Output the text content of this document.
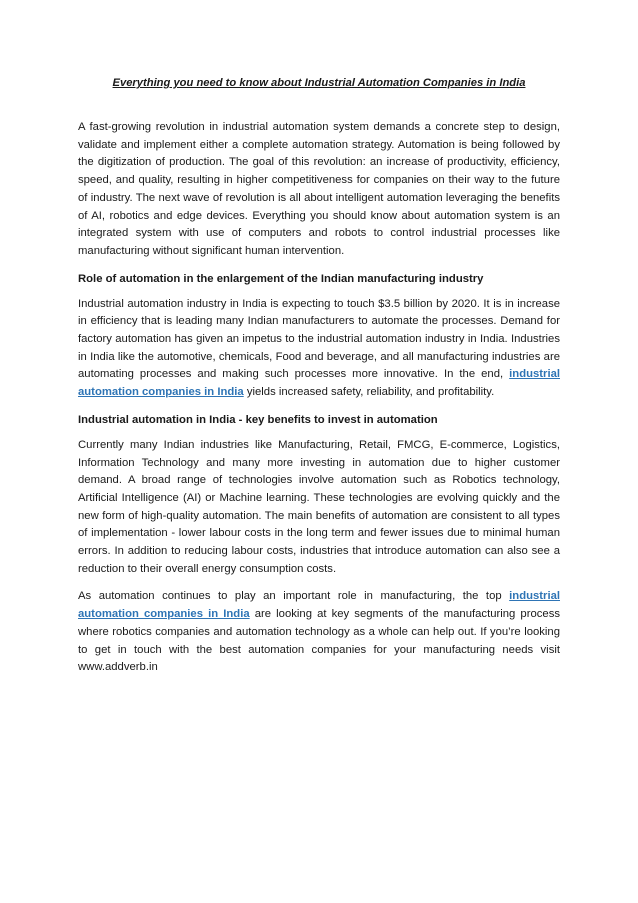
Everything you need to know about Industrial Automation Companies in India

A fast-growing revolution in industrial automation system demands a concrete step to design, validate and implement either a complete automation strategy. Automation is being followed by the digitization of production. The goal of this revolution: an increase of productivity, efficiency, speed, and quality, resulting in higher competitiveness for companies on their way to the future of industry. The next wave of revolution is all about intelligent automation leveraging the benefits of AI, robotics and edge devices. Everything you should know about automation system is an integrated system with use of computers and robots to control industrial processes like manufacturing without significant human intervention.

Role of automation in the enlargement of the Indian manufacturing industry

Industrial automation industry in India is expecting to touch $3.5 billion by 2020. It is in increase in efficiency that is leading many Indian manufacturers to automate the processes. Demand for factory automation has given an impetus to the industrial automation industry in India. Industries in India like the automotive, chemicals, Food and beverage, and all manufacturing industries are automating processes and making such processes more innovative. In the end, industrial automation companies in India yields increased safety, reliability, and profitability.

Industrial automation in India - key benefits to invest in automation

Currently many Indian industries like Manufacturing, Retail, FMCG, E-commerce, Logistics, Information Technology and many more investing in automation due to higher customer demand. A broad range of technologies involve automation such as Robotics technology, Artificial Intelligence (AI) or Machine learning. These technologies are evolving quickly and the new form of high-quality automation. The main benefits of automation are consistent to all types of implementation - lower labour costs in the long term and fewer issues due to minimal human errors. In addition to reducing labour costs, industries that introduce automation can also see a reduction to their overall energy consumption costs.

As automation continues to play an important role in manufacturing, the top industrial automation companies in India are looking at key segments of the manufacturing process where robotics companies and automation technology as a whole can help out. If you’re looking to get in touch with the best automation companies for your manufacturing needs visit www.addverb.in
